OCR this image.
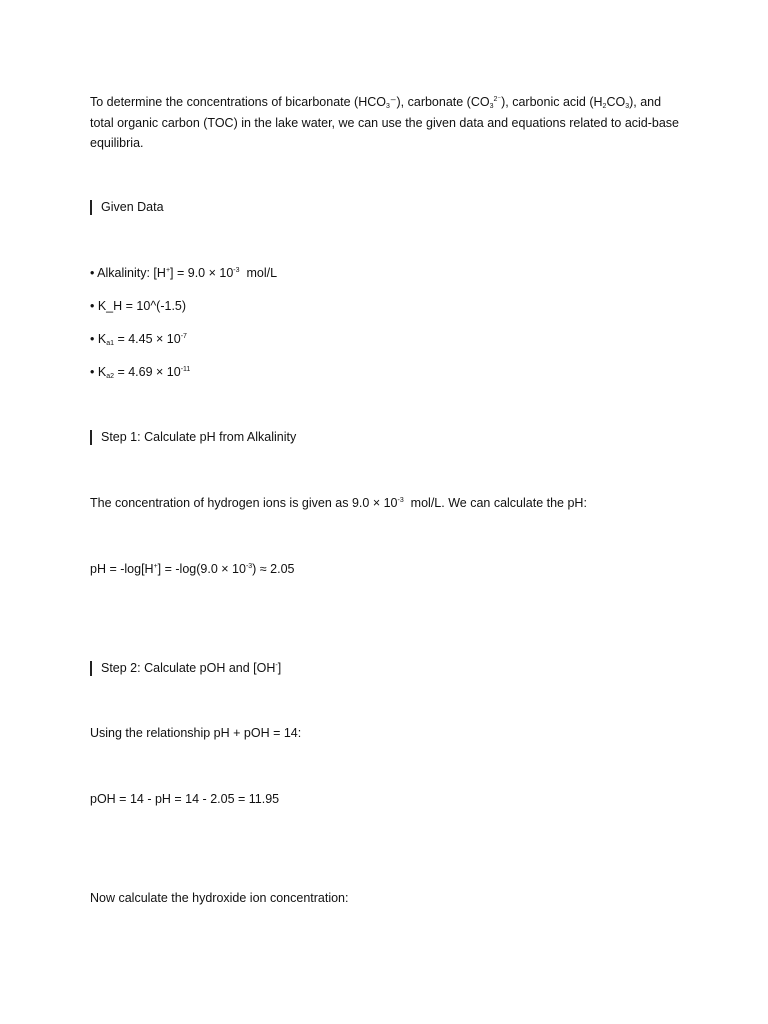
To determine the concentrations of bicarbonate $(HCO_3^-)$, carbonate $(CO_3^{2^-})$, carbonic acid $(H_2CO_3)$, and total organic carbon (TOC) in the lake water, we can use the given data and equations related to acid-base equilibria.
Given Data
• Alkalinity: $[H^+] = 9.0 \times 10^{-3}$  mol/L
• K_H = 10^(-1.5)
• $K_{a1} = 4.45 \times 10^{-7}$
• $K_{a2} = 4.69 \times 10^{-11}$
Step 1: Calculate pH from Alkalinity
The concentration of hydrogen ions is given as $9.0 \times 10^{-3}$  mol/L. We can calculate the pH:
pH = $-\log[H^+] = -\log(9.0 \times 10^{-3}) \approx 2.05$
Step 2: Calculate pOH and [OH-]
Using the relationship pH + pOH = 14:
pOH = 14 - pH = 14 - 2.05 = 11.95
Now calculate the hydroxide ion concentration:
